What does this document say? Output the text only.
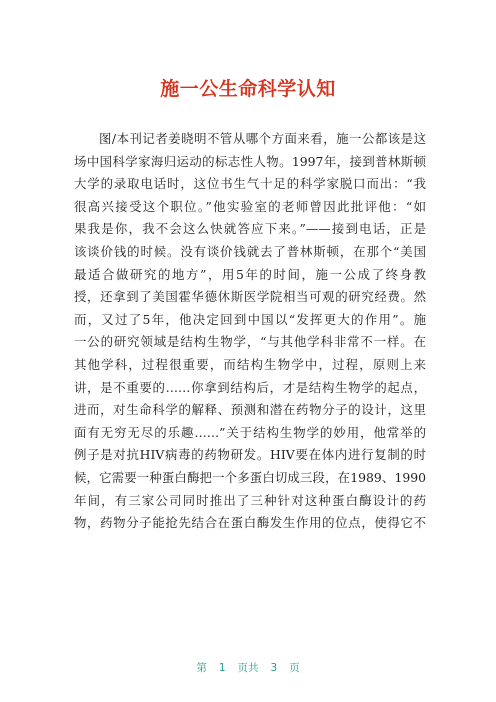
施一公生命科学认知
图/本刊记者姜晓明不管从哪个方面来看，施一公都该是这
场中国科学家海归运动的标志性人物。1997年，接到普林斯顿
大学的录取电话时，这位书生气十足的科学家脱口而出：“我
很高兴接受这个职位。”他实验室的老师曾因此批评他：“如
果我是你，我不会这么快就答应下来。”——接到电话，正是
该谈价钱的时候。没有谈价钱就去了普林斯顿，在那个“美国
最适合做研究的地方”，用5年的时间，施一公成了终身教
授，还拿到了美国霍华德休斯医学院相当可观的研究经费。然
而，又过了5年，他决定回到中国以“发挥更大的作用”。施
一公的研究领域是结构生物学，“与其他学科非常不一样。在
其他学科，过程很重要，而结构生物学中，过程，原则上来
讲，是不重要的……你拿到结构后，才是结构生物学的起点，
进而，对生命科学的解释、预测和潜在药物分子的设计，这里
面有无穷无尽的乐趣……”关于结构生物学的妙用，他常举的
例子是对抗HIV病毒的药物研发。HIV要在体内进行复制的时
候，它需要一种蛋白酶把一个多蛋白切成三段，在1989、1990
年间，有三家公司同时推出了三种针对这种蛋白酶设计的药
物，药物分子能抢先结合在蛋白酶发生作用的位点，使得它不
第 1 页共 3 页
